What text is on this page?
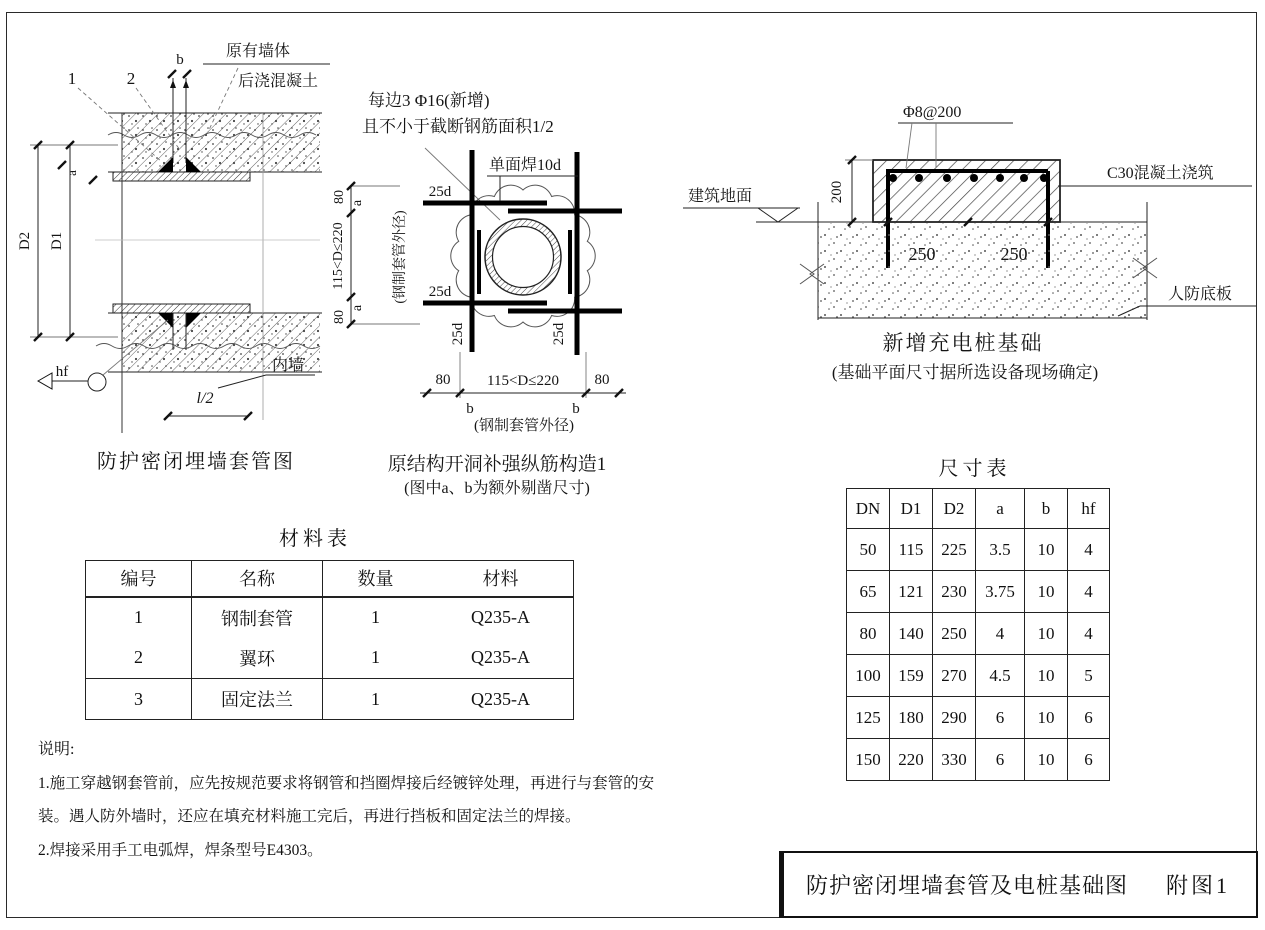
b
1	2
原有墙体
后浇混凝土
a
D1
D2
hf	内墙
l/2
防护密闭埋墙套管图
每边3 Φ16(新增)
且不小于截断钢筋面积1/2
单面焊10d
25d
25d
25d	25d
80 a
115<D≤220
a
80
(钢制套管外径)
80 115<D≤220 80
b	b
(钢制套管外径)
原结构开洞补强纵筋构造1
(图中a、b为额外剔凿尺寸)
建筑地面	200
Φ8@200
C30混凝土浇筑
250	250
人防底板
新增充电桩基础
(基础平面尺寸据所选设备现场确定)
材料表
编号	名称	数量	材料
1	钢制套管	1	Q235-A
2	翼环	1	Q235-A
3	固定法兰	1	Q235-A
尺寸表
DN	D1	D2	a	b	hf
50	115	225	3.5	10	4
65	121	230	3.75	10	4
80	140	250	4	10	4
100	159	270	4.5	10	5
125	180	290	6	10	6
150	220	330	6	10	6

说明:

1.施工穿越钢套管前，应先按规范要求将钢管和挡圈焊接后经镀锌处理，再进行与套管的安装。遇人防外墙时，还应在填充材料施工完后，再进行挡板和固定法兰的焊接。

2.焊接采用手工电弧焊，焊条型号E4303。

防护密闭埋墙套管及电桩基础图 附图1
